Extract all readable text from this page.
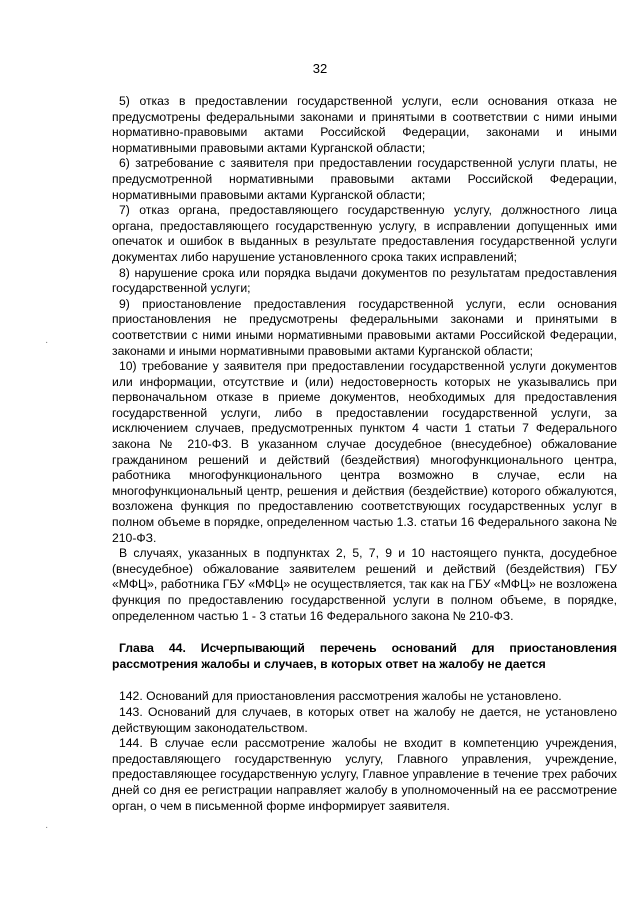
32

5) отказ в предоставлении государственной услуги, если основания отказа не предусмотрены федеральными законами и принятыми в соответствии с ними иными нормативно-правовыми актами Российской Федерации, законами и иными нормативными правовыми актами Курганской области;

6) затребование с заявителя при предоставлении государственной услуги платы, не предусмотренной нормативными правовыми актами Российской Федерации, нормативными правовыми актами Курганской области;

7) отказ органа, предоставляющего государственную услугу, должностного лица органа, предоставляющего государственную услугу, в исправлении допущенных ими опечаток и ошибок в выданных в результате предоставления государственной услуги документах либо нарушение установленного срока таких исправлений;

8) нарушение срока или порядка выдачи документов по результатам предоставления государственной услуги;

9) приостановление предоставления государственной услуги, если основания приостановления не предусмотрены федеральными законами и принятыми в соответствии с ними иными нормативными правовыми актами Российской Федерации, законами и иными нормативными правовыми актами Курганской области;

10) требование у заявителя при предоставлении государственной услуги документов или информации, отсутствие и (или) недостоверность которых не указывались при первоначальном отказе в приеме документов, необходимых для предоставления государственной услуги, либо в предоставлении государственной услуги, за исключением случаев, предусмотренных пунктом 4 части 1 статьи 7 Федерального закона № 210-ФЗ. В указанном случае досудебное (внесудебное) обжалование гражданином решений и действий (бездействия) многофункционального центра, работника многофункционального центра возможно в случае, если на многофункциональный центр, решения и действия (бездействие) которого обжалуются, возложена функция по предоставлению соответствующих государственных услуг в полном объеме в порядке, определенном частью 1.3. статьи 16 Федерального закона № 210-ФЗ.

В случаях, указанных в подпунктах 2, 5, 7, 9 и 10 настоящего пункта, досудебное (внесудебное) обжалование заявителем решений и действий (бездействия) ГБУ «МФЦ», работника ГБУ «МФЦ» не осуществляется, так как на ГБУ «МФЦ» не возложена функция по предоставлению государственной услуги в полном объеме, в порядке, определенном частью 1 - 3 статьи 16 Федерального закона № 210-ФЗ.

Глава 44. Исчерпывающий перечень оснований для приостановления рассмотрения жалобы и случаев, в которых ответ на жалобу не дается

142. Оснований для приостановления рассмотрения жалобы не установлено.

143. Оснований для случаев, в которых ответ на жалобу не дается, не установлено действующим законодательством.

144. В случае если рассмотрение жалобы не входит в компетенцию учреждения, предоставляющего государственную услугу, Главного управления, учреждение, предоставляющее государственную услугу, Главное управление в течение трех рабочих дней со дня ее регистрации направляет жалобу в уполномоченный на ее рассмотрение орган, о чем в письменной форме информирует заявителя.

·
·
